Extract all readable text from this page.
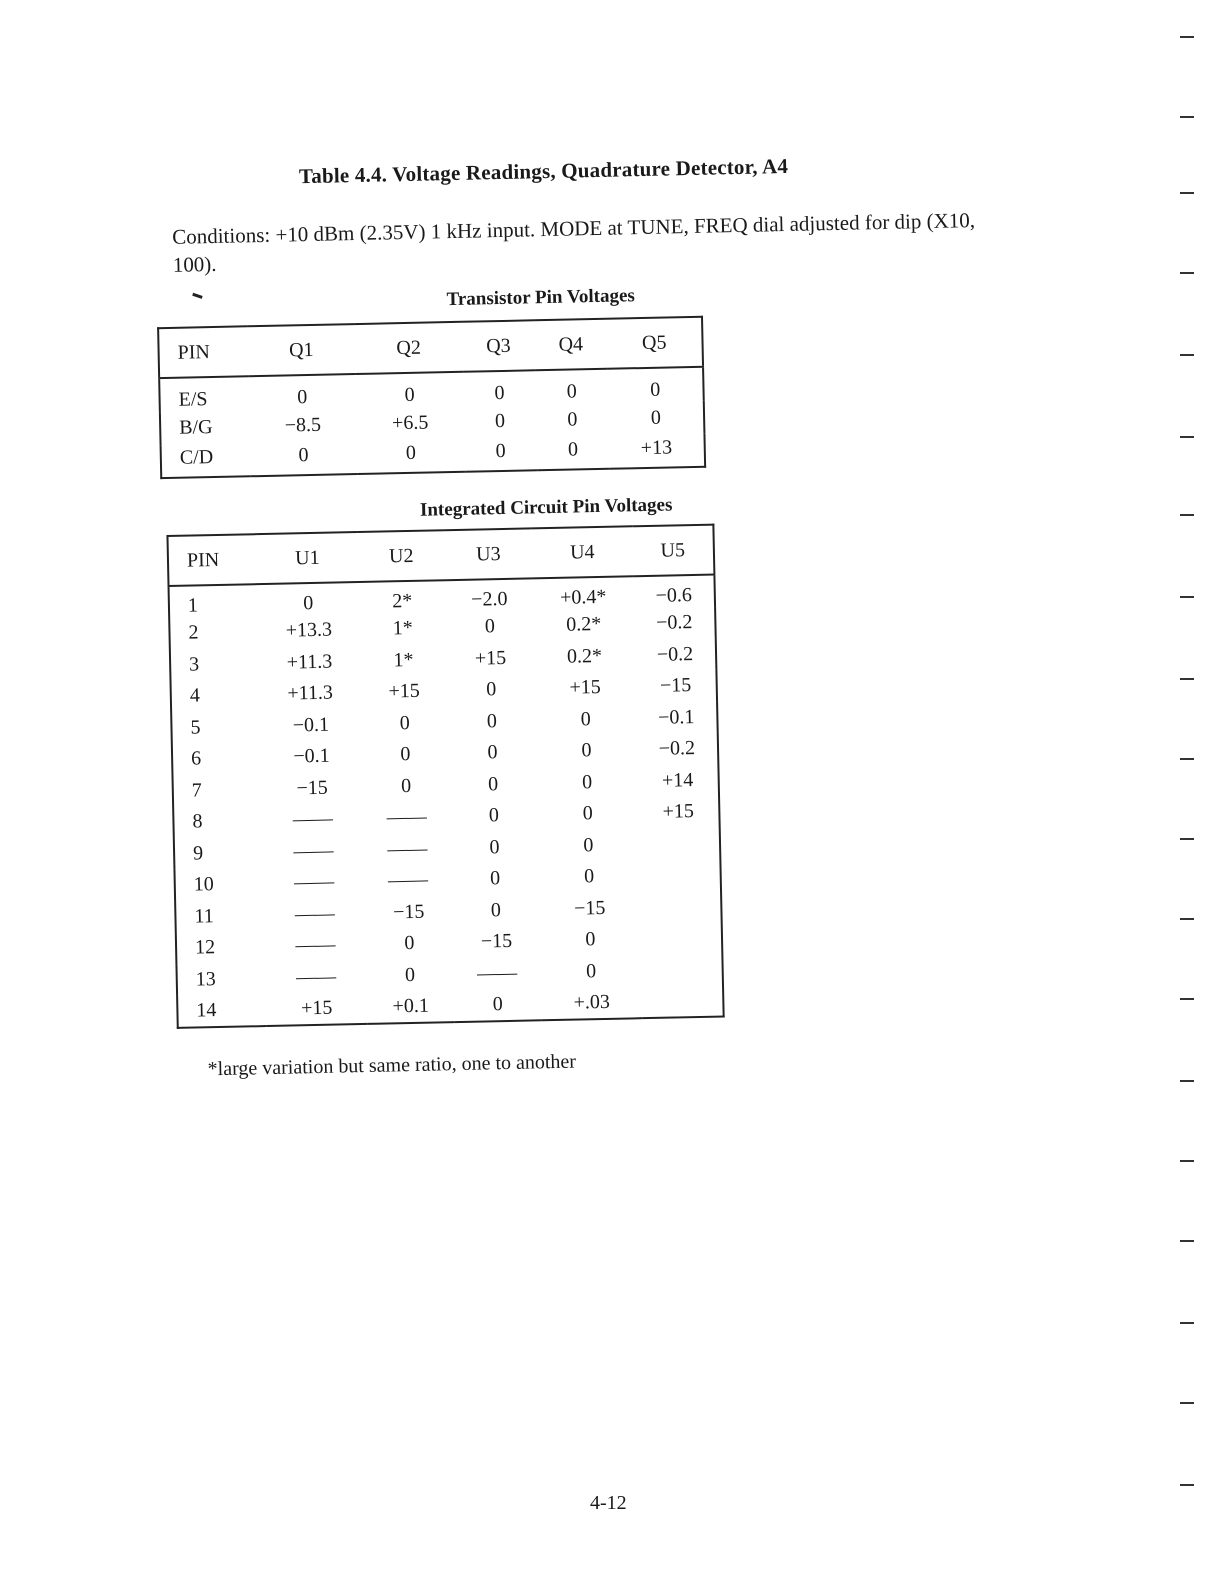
Table 4.4. Voltage Readings, Quadrature Detector, A4
Conditions: +10 dBm (2.35V) 1 kHz input. MODE at TUNE, FREQ dial adjusted for dip (X10, 100).
Transistor Pin Voltages
PIN	Q1	Q2	Q3	Q4	Q5
E/S	0	0	0	0	0
B/G	−8.5	+6.5	0	0	0
C/D	0	0	0	0	+13
Integrated Circuit Pin Voltages
PIN	U1	U2	U3	U4	U5
1	0	2*	−2.0	+0.4*	−0.6
2	+13.3	1*	0	0.2*	−0.2
3	+11.3	1*	+15	0.2*	−0.2
4	+11.3	+15	0	+15	−15
5	−0.1	0	0	0	−0.1
6	−0.1	0	0	0	−0.2
7	−15	0	0	0	+14
8	——	——	0	0	+15
9	——	——	0	0	
10	——	——	0	0	
11	——	−15	0	−15	
12	——	0	−15	0	
13	——	0	——	0	
14	+15	+0.1	0	+.03	
*large variation but same ratio, one to another
4-12
